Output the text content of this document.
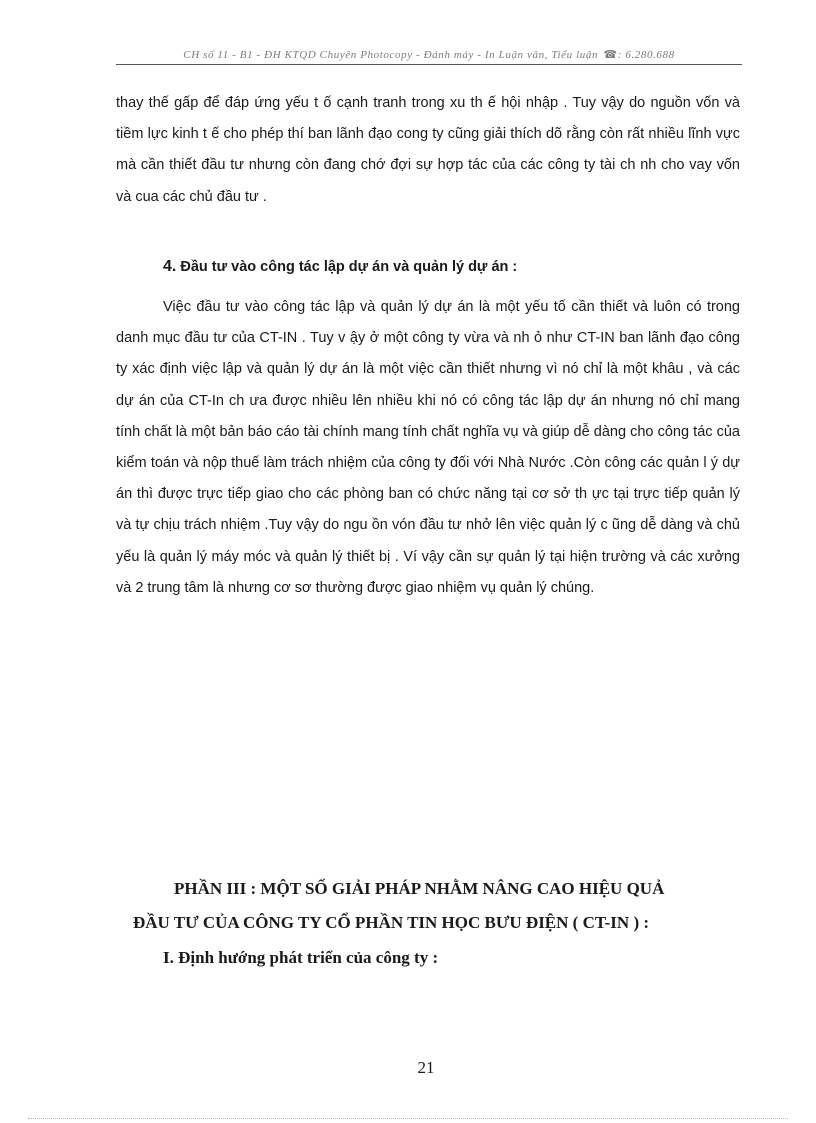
CH số 11 - B1 - ĐH KTQD Chuyên Photocopy - Đánh máy - In Luận văn, Tiểu luận ☎: 6.280.688

thay thế gấp để đáp ứng yếu t ố cạnh tranh trong xu th ế hội nhập . Tuy vậy do nguồn vốn và tiềm lực kinh t ế cho phép thí ban lãnh đạo cong ty cũng giải thích dõ rằng còn rất nhiều lĩnh vực mà cần thiết đầu tư nhưng còn đang chớ đợi sự hợp tác của các công ty tài ch nh cho vay vốn và cua các chủ đầu tư .

4. Đầu tư vào công tác lập dự án và quản lý dự án :

Việc đầu tư vào công tác lập và quản lý dự án là một yếu tố cần thiết và luôn có trong danh mục đầu tư của CT-IN . Tuy v ậy ở một công ty vừa và nh ỏ như CT-IN ban lãnh đạo công ty xác định việc lập và quản lý dự án là một việc cần thiết nhưng vì nó chỉ là một khâu , và các dự án của CT-In ch ưa được nhiều lên nhiều khi nó có công tác lập dự án nhưng nó chỉ mang tính chất là một bản báo cáo tài chính mang tính chất nghĩa vụ và giúp dễ dàng cho công tác của kiểm toán và nộp thuế làm trách nhiệm của công ty đối với Nhà Nước .Còn công các quản l ý dự án thì được trực tiếp giao cho các phòng ban có chức năng tại cơ sở th ực tại trực tiếp quản lý và tự chịu trách nhiệm .Tuy vậy do ngu ồn vón đầu tư nhở lên việc quản lý c ũng dễ dàng và chủ yếu là quản lý máy móc và quản lý thiết bị . Ví vậy cần sự quản lý tại hiện trường và các xưởng và 2 trung tâm là nhưng cơ sơ thường được giao nhiệm vụ quản lý chúng.

PHẦN III : MỘT SỐ GIẢI PHÁP NHẰM NÂNG CAO HIỆU QUẢ
ĐẦU TƯ CỦA CÔNG TY CỔ PHẦN TIN HỌC BƯU ĐIỆN ( CT-IN ) :
I. Định hướng phát triển của công ty :
21
